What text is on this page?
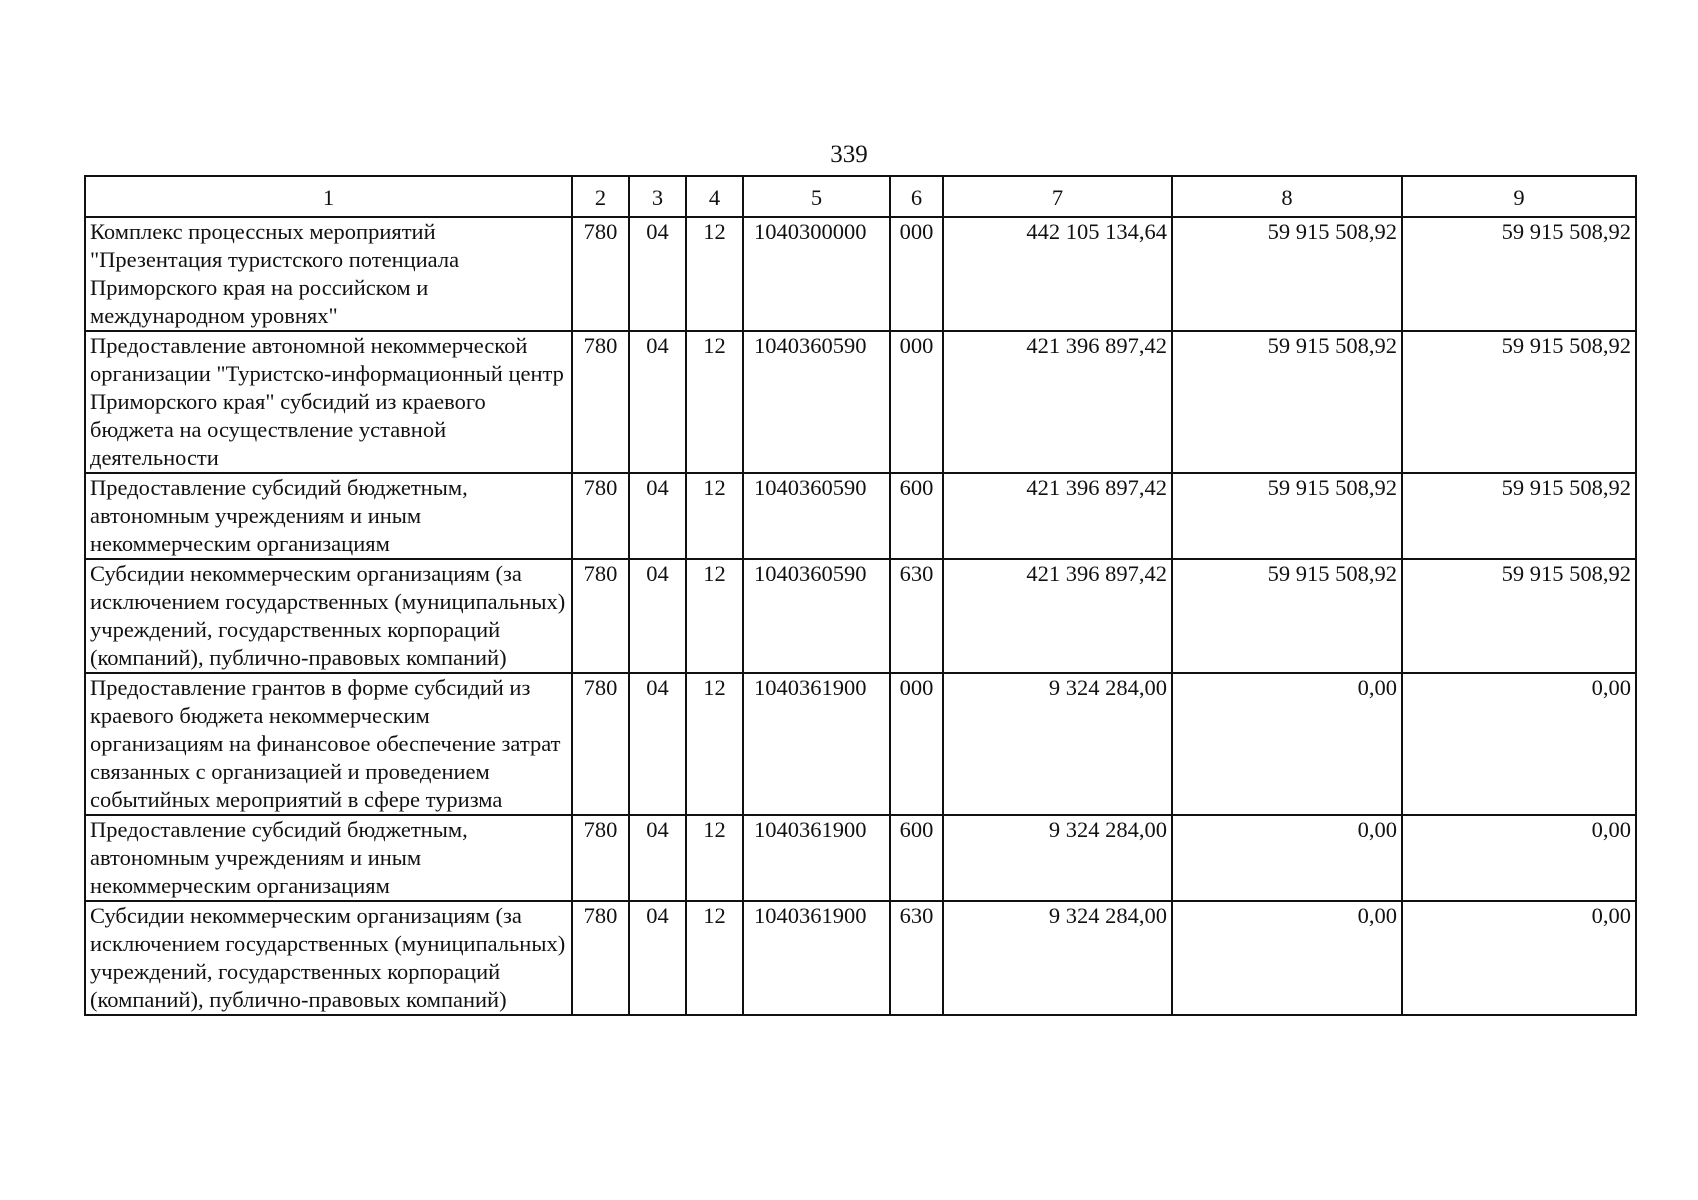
339
1	2	3	4	5	6	7	8	9
Комплекс процессных мероприятий "Презентация туристского потенциала Приморского края на российском и международном уровнях"	780	04	12	1040300000	000	442 105 134,64	59 915 508,92	59 915 508,92
Предоставление автономной некоммерческой организации "Туристско-информационный центр Приморского края" субсидий из краевого бюджета на осуществление уставной деятельности	780	04	12	1040360590	000	421 396 897,42	59 915 508,92	59 915 508,92
Предоставление субсидий бюджетным, автономным учреждениям и иным некоммерческим организациям	780	04	12	1040360590	600	421 396 897,42	59 915 508,92	59 915 508,92
Субсидии некоммерческим организациям (за исключением государственных (муниципальных) учреждений, государственных корпораций (компаний), публично-правовых компаний)	780	04	12	1040360590	630	421 396 897,42	59 915 508,92	59 915 508,92
Предоставление грантов в форме субсидий из краевого бюджета некоммерческим организациям на финансовое обеспечение затрат связанных с организацией и проведением событийных мероприятий в сфере туризма	780	04	12	1040361900	000	9 324 284,00	0,00	0,00
Предоставление субсидий бюджетным, автономным учреждениям и иным некоммерческим организациям	780	04	12	1040361900	600	9 324 284,00	0,00	0,00
Субсидии некоммерческим организациям (за исключением государственных (муниципальных) учреждений, государственных корпораций (компаний), публично-правовых компаний)	780	04	12	1040361900	630	9 324 284,00	0,00	0,00
